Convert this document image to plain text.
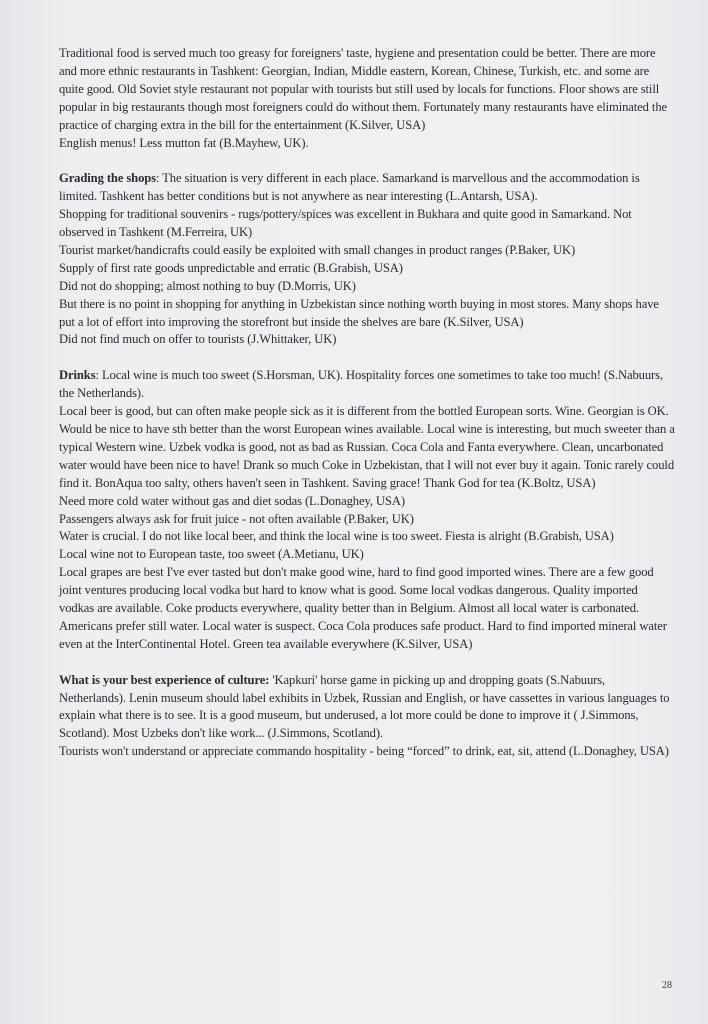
Traditional food is served much too greasy for foreigners' taste, hygiene and presentation could be better. There are more and more ethnic restaurants in Tashkent: Georgian, Indian, Middle eastern, Korean, Chinese, Turkish, etc. and some are quite good. Old Soviet style restaurant not popular with tourists but still used by locals for functions. Floor shows are still popular in big restaurants though most foreigners could do without them. Fortunately many restaurants have eliminated the practice of charging extra in the bill for the entertainment (K.Silver, USA)
English menus! Less mutton fat (B.Mayhew, UK).

Grading the shops: The situation is very different in each place. Samarkand is marvellous and the accommodation is limited. Tashkent has better conditions but is not anywhere as near interesting (L.Antarsh, USA).
Shopping for traditional souvenirs - rugs/pottery/spices was excellent in Bukhara and quite good in Samarkand. Not observed in Tashkent (M.Ferreira, UK)
Tourist market/handicrafts could easily be exploited with small changes in product ranges (P.Baker, UK)
Supply of first rate goods unpredictable and erratic (B.Grabish, USA)
Did not do shopping; almost nothing to buy (D.Morris, UK)
But there is no point in shopping for anything in Uzbekistan since nothing worth buying in most stores. Many shops have put a lot of effort into improving the storefront but inside the shelves are bare (K.Silver, USA)
Did not find much on offer to tourists (J.Whittaker, UK)

Drinks: Local wine is much too sweet (S.Horsman, UK). Hospitality forces one sometimes to take too much! (S.Nabuurs, the Netherlands).
Local beer is good, but can often make people sick as it is different from the bottled European sorts. Wine. Georgian is OK. Would be nice to have sth better than the worst European wines available. Local wine is interesting, but much sweeter than a typical Western wine. Uzbek vodka is good, not as bad as Russian. Coca Cola and Fanta everywhere. Clean, uncarbonated water would have been nice to have! Drank so much Coke in Uzbekistan, that I will not ever buy it again. Tonic rarely could find it. BonAqua too salty, others haven't seen in Tashkent. Saving grace! Thank God for tea (K.Boltz, USA)
Need more cold water without gas and diet sodas (L.Donaghey, USA)
Passengers always ask for fruit juice - not often available (P.Baker, UK)
Water is crucial. I do not like local beer, and think the local wine is too sweet. Fiesta is alright (B.Grabish, USA)
Local wine not to European taste, too sweet (A.Metianu, UK)
Local grapes are best I've ever tasted but don't make good wine, hard to find good imported wines. There are a few good joint ventures producing local vodka but hard to know what is good. Some local vodkas dangerous. Quality imported vodkas are available. Coke products everywhere, quality better than in Belgium. Almost all local water is carbonated. Americans prefer still water. Local water is suspect. Coca Cola produces safe product. Hard to find imported mineral water even at the InterContinental Hotel. Green tea available everywhere (K.Silver, USA)

What is your best experience of culture: 'Kapkuri' horse game in picking up and dropping goats (S.Nabuurs, Netherlands). Lenin museum should label exhibits in Uzbek, Russian and English, or have cassettes in various languages to explain what there is to see. It is a good museum, but underused, a lot more could be done to improve it ( J.Simmons, Scotland). Most Uzbeks don't like work... (J.Simmons, Scotland).
Tourists won't understand or appreciate commando hospitality - being “forced” to drink, eat, sit, attend (L.Donaghey, USA)

28
